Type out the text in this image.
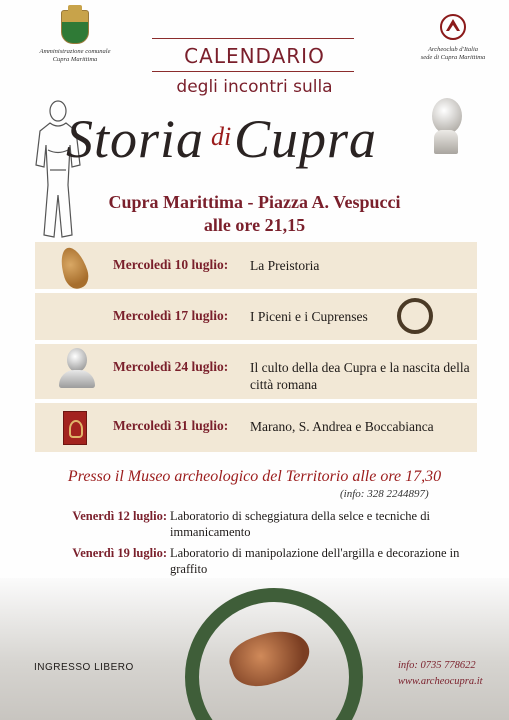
Amministrazione comunale
Cupra Marittima
Archeoclub d'Italia
sede di Cupra Marittima
CALENDARIO
degli incontri sulla
Storia di Cupra
Cupra Marittima - Piazza A. Vespucci
alle ore 21,15
Mercoledì 10 luglio: La Preistoria
Mercoledì 17 luglio: I Piceni e i Cuprenses
Mercoledì 24 luglio: Il culto della dea Cupra e la nascita della città romana
Mercoledì 31 luglio: Marano, S. Andrea e Boccabianca
Presso il Museo archeologico del Territorio alle ore 17,30
(info: 328 2244897)
Venerdì 12 luglio: Laboratorio di scheggiatura della selce e tecniche di immanicamento
Venerdì 19 luglio: Laboratorio di manipolazione dell'argilla e decorazione in graffito
INGRESSO LIBERO	info: 0735 778622
www.archeocupra.it
